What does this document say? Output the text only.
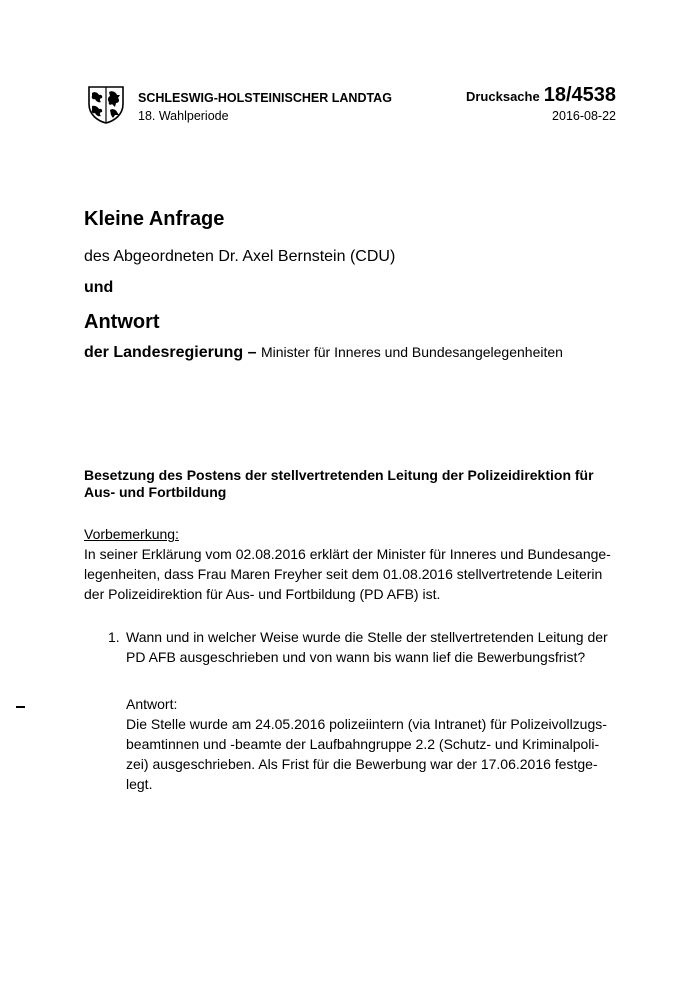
SCHLESWIG-HOLSTEINISCHER LANDTAG
18. Wahlperiode
Drucksache 18/4538
2016-08-22
Kleine Anfrage
des Abgeordneten Dr. Axel Bernstein (CDU)
und
Antwort
der Landesregierung – Minister für Inneres und Bundesangelegenheiten
Besetzung des Postens der stellvertretenden Leitung der Polizeidirektion für
Aus- und Fortbildung
Vorbemerkung:
In seiner Erklärung vom 02.08.2016 erklärt der Minister für Inneres und Bundesange-
legenheiten, dass Frau Maren Freyher seit dem 01.08.2016 stellvertretende Leiterin
der Polizeidirektion für Aus- und Fortbildung (PD AFB) ist.
1. Wann und in welcher Weise wurde die Stelle der stellvertretenden Leitung der
PD AFB ausgeschrieben und von wann bis wann lief die Bewerbungsfrist?
Antwort:
Die Stelle wurde am 24.05.2016 polizeiintern (via Intranet) für Polizeivollzugs-
beamtinnen und -beamte der Laufbahngruppe 2.2 (Schutz- und Kriminalpoli-
zei) ausgeschrieben. Als Frist für die Bewerbung war der 17.06.2016 festge-
legt.
